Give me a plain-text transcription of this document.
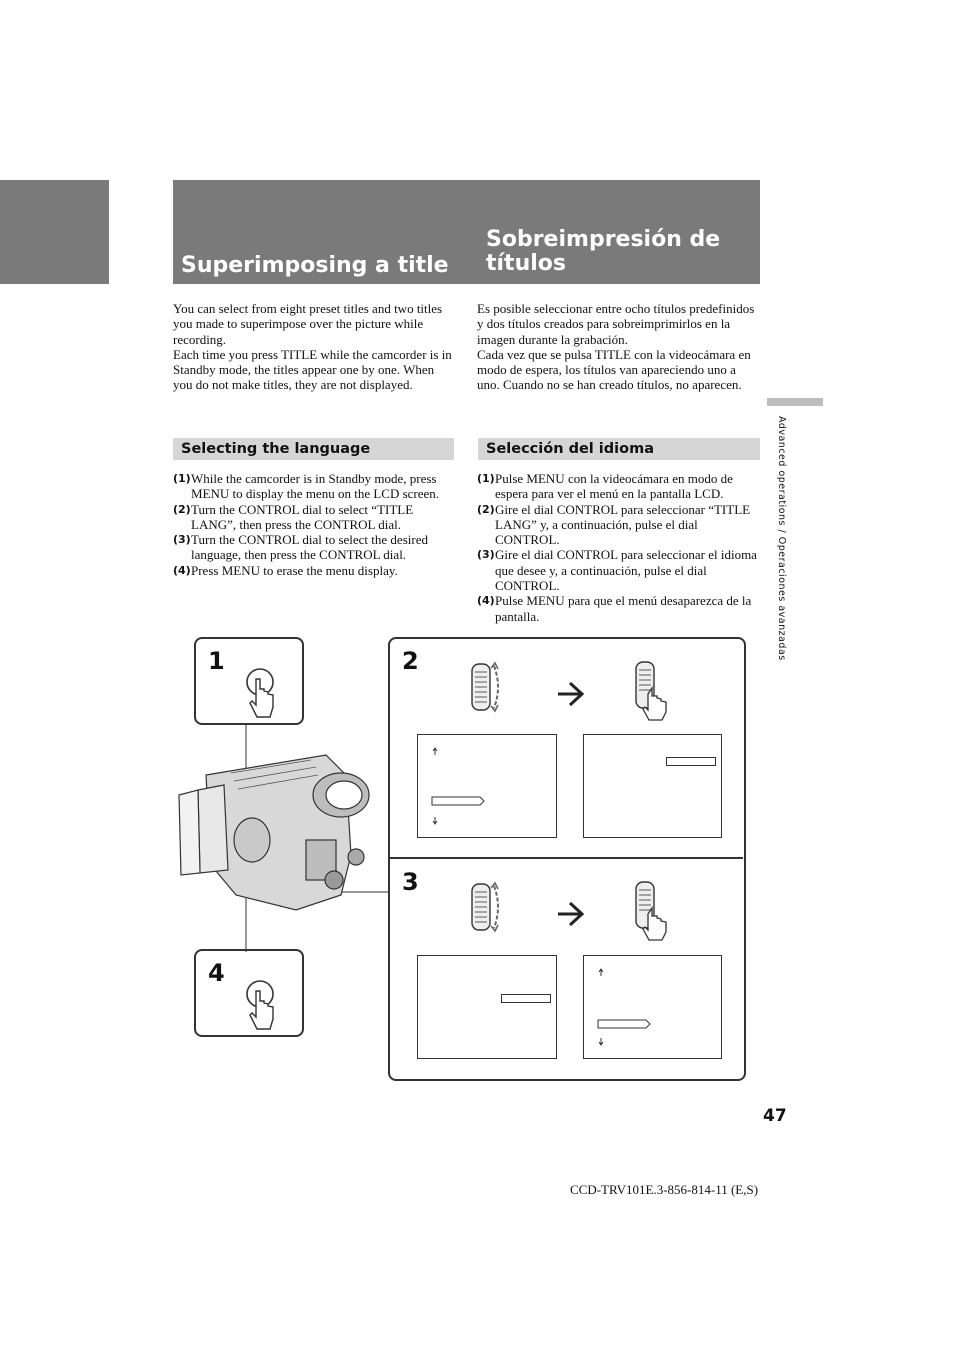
Superimposing a title
Sobreimpresión de títulos
You can select from eight preset titles and two titles you made to superimpose over the picture while recording.
Each time you press TITLE while the camcorder is in Standby mode, the titles appear one by one. When you do not make titles, they are not displayed.
Es posible seleccionar entre ocho títulos predefinidos y dos títulos creados para sobreimprimirlos en la imagen durante la grabación.
Cada vez que se pulsa TITLE con la videocámara en modo de espera, los títulos van apareciendo uno a uno. Cuando no se han creado títulos, no aparecen.
Selecting the language	Selección del idioma
(1) While the camcorder is in Standby mode, press MENU to display the menu on the LCD screen.
(2) Turn the CONTROL dial to select “TITLE LANG”, then press the CONTROL dial.
(3) Turn the CONTROL dial to select the desired language, then press the CONTROL dial.
(4) Press MENU to erase the menu display.
(1) Pulse MENU con la videocámara en modo de espera para ver el menú en la pantalla LCD.
(2) Gire el dial CONTROL para seleccionar “TITLE LANG” y, a continuación, pulse el dial CONTROL.
(3) Gire el dial CONTROL para seleccionar el idioma que desee y, a continuación, pulse el dial CONTROL.
(4) Pulse MENU para que el menú desaparezca de la pantalla.	Advanced operations / Operaciones avanzadas
1
4
2
3
47
CCD-TRV101E.3-856-814-11 (E,S)
